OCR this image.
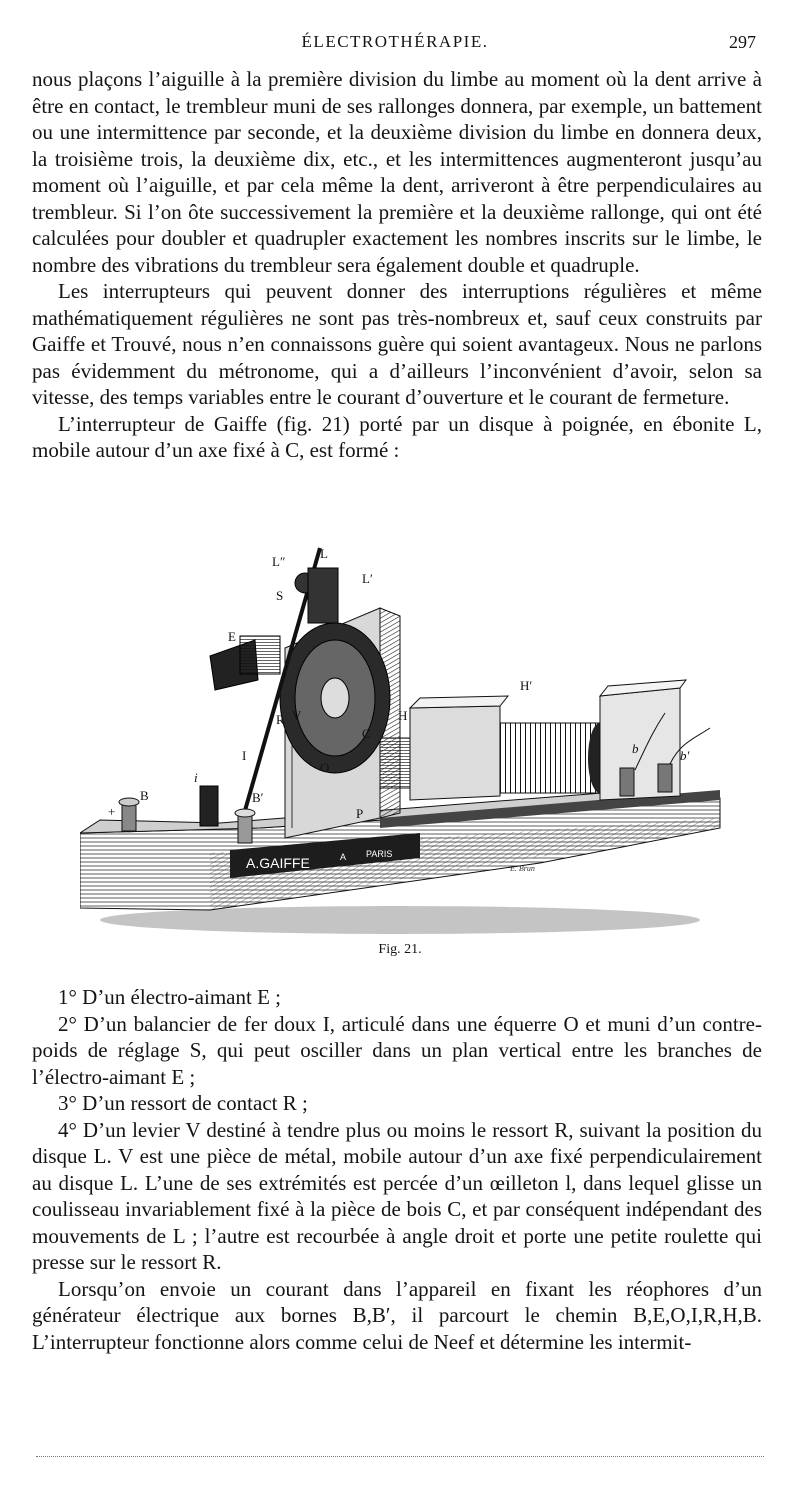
ÉLECTROTHÉRAPIE.	297

nous plaçons l’aiguille à la première division du limbe au moment où la dent arrive à être en contact, le trembleur muni de ses rallonges donnera, par exemple, un battement ou une intermittence par seconde, et la deuxième division du limbe en donnera deux, la troisième trois, la deuxième dix, etc., et les intermittences augmenteront jusqu’au moment où l’aiguille, et par cela même la dent, arriveront à être perpendiculaires au trembleur. Si l’on ôte successivement la première et la deuxième rallonge, qui ont été calculées pour doubler et quadrupler exactement les nombres inscrits sur le limbe, le nombre des vibrations du trembleur sera également double et quadruple.

Les interrupteurs qui peuvent donner des interruptions régulières et même mathématiquement régulières ne sont pas très-nombreux et, sauf ceux construits par Gaiffe et Trouvé, nous n’en connaissons guère qui soient avantageux. Nous ne parlons pas évidemment du métronome, qui a d’ailleurs l’inconvénient d’avoir, selon sa vitesse, des temps variables entre le courant d’ouverture et le courant de fermeture.

L’interrupteur de Gaiffe (fig. 21) porté par un disque à poignée, en ébonite L, mobile autour d’un axe fixé à C, est formé :

A.GAIFFE	A PARIS
E. Brun
L″
L
L′
S
E
H′
H
V
R
C
I
O
b	b′
i
B	B′
P
+
Fig. 21.

1° D’un électro-aimant E ;

2° D’un balancier de fer doux I, articulé dans une équerre O et muni d’un contre-poids de réglage S, qui peut osciller dans un plan vertical entre les branches de l’électro-aimant E ;

3° D’un ressort de contact R ;

4° D’un levier V destiné à tendre plus ou moins le ressort R, suivant la position du disque L. V est une pièce de métal, mobile autour d’un axe fixé perpendiculairement au disque L. L’une de ses extrémités est percée d’un œilleton l, dans lequel glisse un coulisseau invariablement fixé à la pièce de bois C, et par conséquent indépendant des mouvements de L ; l’autre est recourbée à angle droit et porte une petite roulette qui presse sur le ressort R.

Lorsqu’on envoie un courant dans l’appareil en fixant les réophores d’un générateur électrique aux bornes B,B′, il parcourt le chemin B,E,O,I,R,H,B. L’interrupteur fonctionne alors comme celui de Neef et détermine les intermit-
